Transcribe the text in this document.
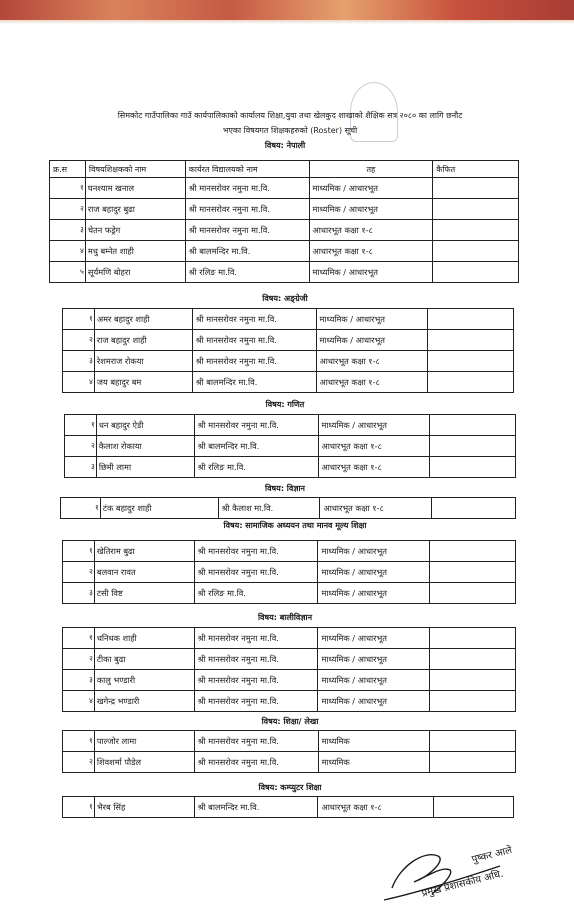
सिमकोट गाउँपालिका गाउँ कार्यपालिकाको कार्यालय शिक्षा,युवा तथा खेलकुद शाखाको शैक्षिक सत्र २०८० का लागि छनौट
भएका विषयगत शिक्षकहरुको (Roster) सूची
विषय: नेपाली
क्र.स	विषयशिक्षकको नाम	कार्यरत विद्यालयको नाम	तह	कैफित
१	घनश्याम खनाल	श्री मानसरोवर नमुना मा.वि.	माध्यमिक / आधारभूत	
२	राज बहादुर बुढा	श्री मानसरोवर नमुना मा.वि.	माध्यमिक / आधारभूत	
३	चेतन फड्रेग	श्री मानसरोवर नमुना मा.वि.	आधारभूत कक्षा १-८	
४	मधु बम्नेत शाही	श्री बालमन्दिर मा.वि.	आधारभूत कक्षा १-८	
५	सूर्यमणि बोहरा	श्री रलिङ मा.वि.	माध्यमिक / आधारभूत	
विषय: अङ्ग्रेजी
१	अमर बहादुर शाही	श्री मानसरोवर नमुना मा.वि.	माध्यमिक / आधारभूत	
२	राज बहादुर शाही	श्री मानसरोवर नमुना मा.वि.	माध्यमिक / आधारभूत	
३	रेशमराज रोकया	श्री मानसरोवर नमुना मा.वि.	आधारभूत कक्षा १-८	
४	जय बहादुर बम	श्री बालमन्दिर मा.वि.	आधारभूत कक्षा १-८	
विषय: गणित
१	धन बहादुर ऐडी	श्री मानसरोवर नमुना मा.वि.	माध्यमिक / आधारभूत	
२	कैलाश रोकाया	श्री बालमन्दिर मा.वि.	आधारभूत कक्षा १-८	
३	छिमी लामा	श्री रलिङ मा.वि.	आधारभूत कक्षा १-८	
विषय: विज्ञान
१	टंक बहादुर शाही	श्री कैलाश मा.वि.	आधारभूत कक्षा १-८	
विषय: सामाजिक अध्ययन तथा मानव मूल्य शिक्षा
१	खेतिराम बुढा	श्री मानसरोवर नमुना मा.वि.	माध्यमिक / आधारभूत	
२	बलवान रावत	श्री मानसरोवर नमुना मा.वि.	माध्यमिक / आधारभूत	
३	टसी विष्ट	श्री रलिङ मा.वि.	माध्यमिक / आधारभूत	
विषय: बालीविज्ञान
१	धनिधक शाही	श्री मानसरोवर नमुना मा.वि.	माध्यमिक / आधारभूत	
२	टीका बुढा	श्री मानसरोवर नमुना मा.वि.	माध्यमिक / आधारभूत	
३	कालु भण्डारी	श्री मानसरोवर नमुना मा.वि.	माध्यमिक / आधारभूत	
४	खगेन्द्र भण्डारी	श्री मानसरोवर नमुना मा.वि.	माध्यमिक / आधारभूत	
विषय: शिक्षा/ लेखा
१	पाल्जोर लामा	श्री मानसरोवर नमुना मा.वि.	माध्यमिक	
२	शिवशर्मा पौडेल	श्री मानसरोवर नमुना मा.वि.	माध्यमिक	
विषय: कम्प्युटर शिक्षा
१	भैरब सिंह	श्री बालमन्दिर मा.वि.	आधारभूत कक्षा १-८	
पुष्कर आले
प्रमुख प्रशासकीय अधि.
